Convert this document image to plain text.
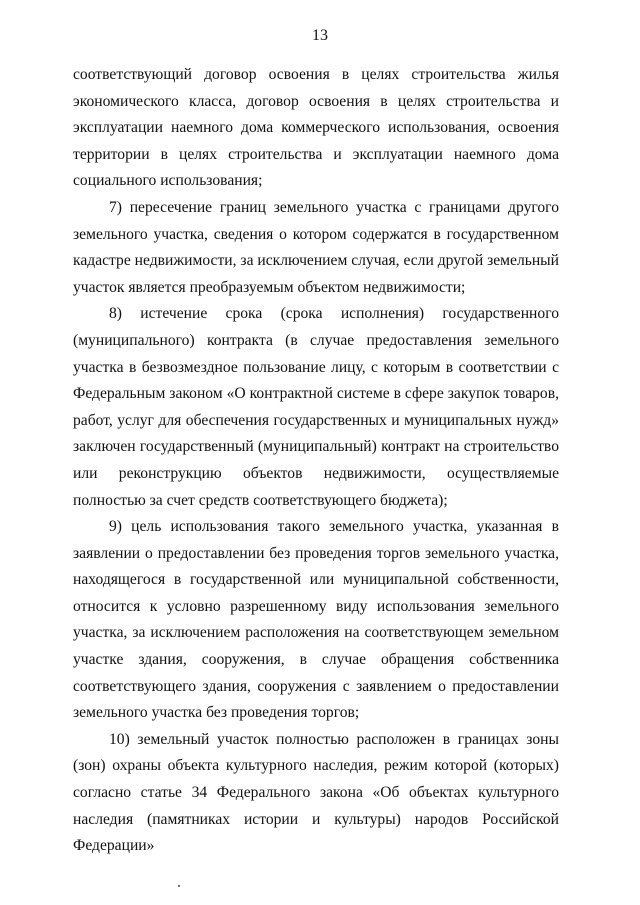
13

соответствующий договор освоения в целях строительства жилья экономического класса, договор освоения в целях строительства и эксплуатации наемного дома коммерческого использования, освоения территории в целях строительства и эксплуатации наемного дома социального использования;

7) пересечение границ земельного участка с границами другого земельного участка, сведения о котором содержатся в государственном кадастре недвижимости, за исключением случая, если другой земельный участок является преобразуемым объектом недвижимости;

8) истечение срока (срока исполнения) государственного (муниципального) контракта (в случае предоставления земельного участка в безвозмездное пользование лицу, с которым в соответствии с Федеральным законом «О контрактной системе в сфере закупок товаров, работ, услуг для обеспечения государственных и муниципальных нужд» заключен государственный (муниципальный) контракт на строительство или реконструкцию объектов недвижимости, осуществляемые полностью за счет средств соответствующего бюджета);

9) цель использования такого земельного участка, указанная в заявлении о предоставлении без проведения торгов земельного участка, находящегося в государственной или муниципальной собственности, относится к условно разрешенному виду использования земельного участка, за исключением расположения на соответствующем земельном участке здания, сооружения, в случае обращения собственника соответствующего здания, сооружения с заявлением о предоставлении земельного участка без проведения торгов;

10) земельный участок полностью расположен в границах зоны (зон) охраны объекта культурного наследия, режим которой (которых) согласно статье 34 Федерального закона «Об объектах культурного наследия (памятниках истории и культуры) народов Российской Федерации»
